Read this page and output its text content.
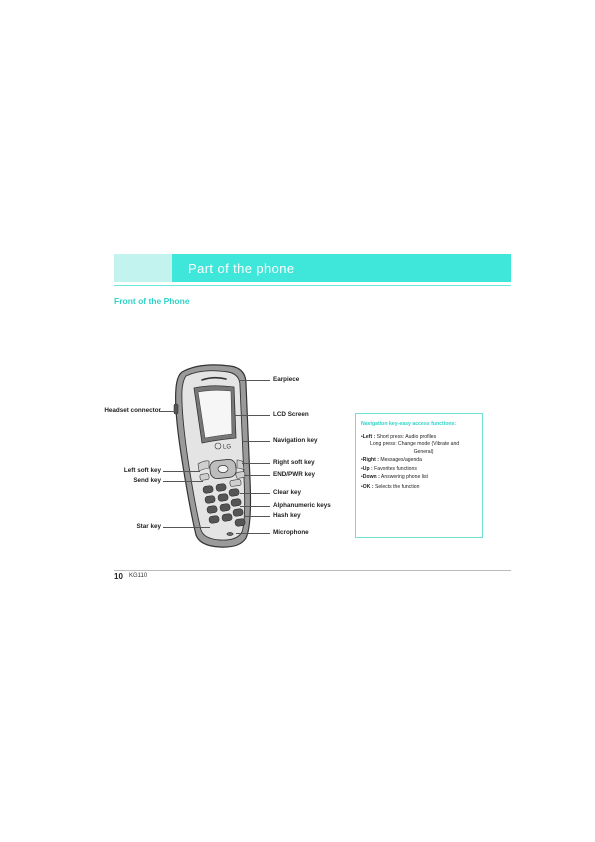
Part of the phone
Front of the Phone
LG
Earpiece
Headset connector
LCD Screen
Navigation key
Left soft key
Send key
Right soft key
END/PWR key
Clear key
Alphanumeric keys
Hash key
Star key
Microphone
Navigation key-easy access functions:
•Left : Short press: Audio profiles
Long press: Change mode (Vibrate and
General)
•Right : Messages/agenda
•Up : Favorites functions
•Down : Answering phone list
•OK : Selects the function
10 KG110
